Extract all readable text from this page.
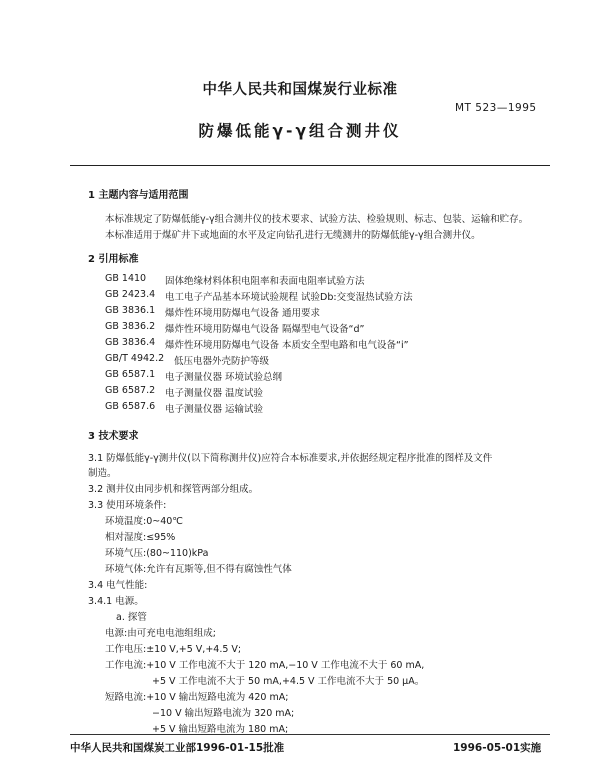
中华人民共和国煤炭行业标准
MT 523—1995
防爆低能γ-γ组合测井仪
1 主题内容与适用范围
本标准规定了防爆低能γ-γ组合测井仪的技术要求、试验方法、检验规则、标志、包装、运输和贮存。
本标准适用于煤矿井下或地面的水平及定向钻孔进行无缆测井的防爆低能γ-γ组合测井仪。
2 引用标准
GB 1410 固体绝缘材料体积电阻率和表面电阻率试验方法
GB 2423.4 电工电子产品基本环境试验规程 试验Db:交变湿热试验方法
GB 3836.1 爆炸性环境用防爆电气设备 通用要求
GB 3836.2 爆炸性环境用防爆电气设备 隔爆型电气设备“d”
GB 3836.4 爆炸性环境用防爆电气设备 本质安全型电路和电气设备“i”
GB/T 4942.2 低压电器外壳防护等级
GB 6587.1 电子测量仪器 环境试验总纲
GB 6587.2 电子测量仪器 温度试验
GB 6587.6 电子测量仪器 运输试验
3 技术要求
3.1 防爆低能γ-γ测井仪(以下简称测井仪)应符合本标准要求,并依据经规定程序批准的图样及文件
制造。
3.2 测井仪由同步机和探管两部分组成。
3.3 使用环境条件:
环境温度:0~40℃
相对湿度:≤95%
环境气压:(80~110)kPa
环境气体:允许有瓦斯等,但不得有腐蚀性气体
3.4 电气性能:
3.4.1 电源。
a. 探管
电源:由可充电电池组组成;
工作电压:±10 V,+5 V,+4.5 V;
工作电流:+10 V 工作电流不大于 120 mA,−10 V 工作电流不大于 60 mA,
+5 V 工作电流不大于 50 mA,+4.5 V 工作电流不大于 50 μA。
短路电流:+10 V 输出短路电流为 420 mA;
−10 V 输出短路电流为 320 mA;
+5 V 输出短路电流为 180 mA;
中华人民共和国煤炭工业部1996-01-15批准	1996-05-01实施
